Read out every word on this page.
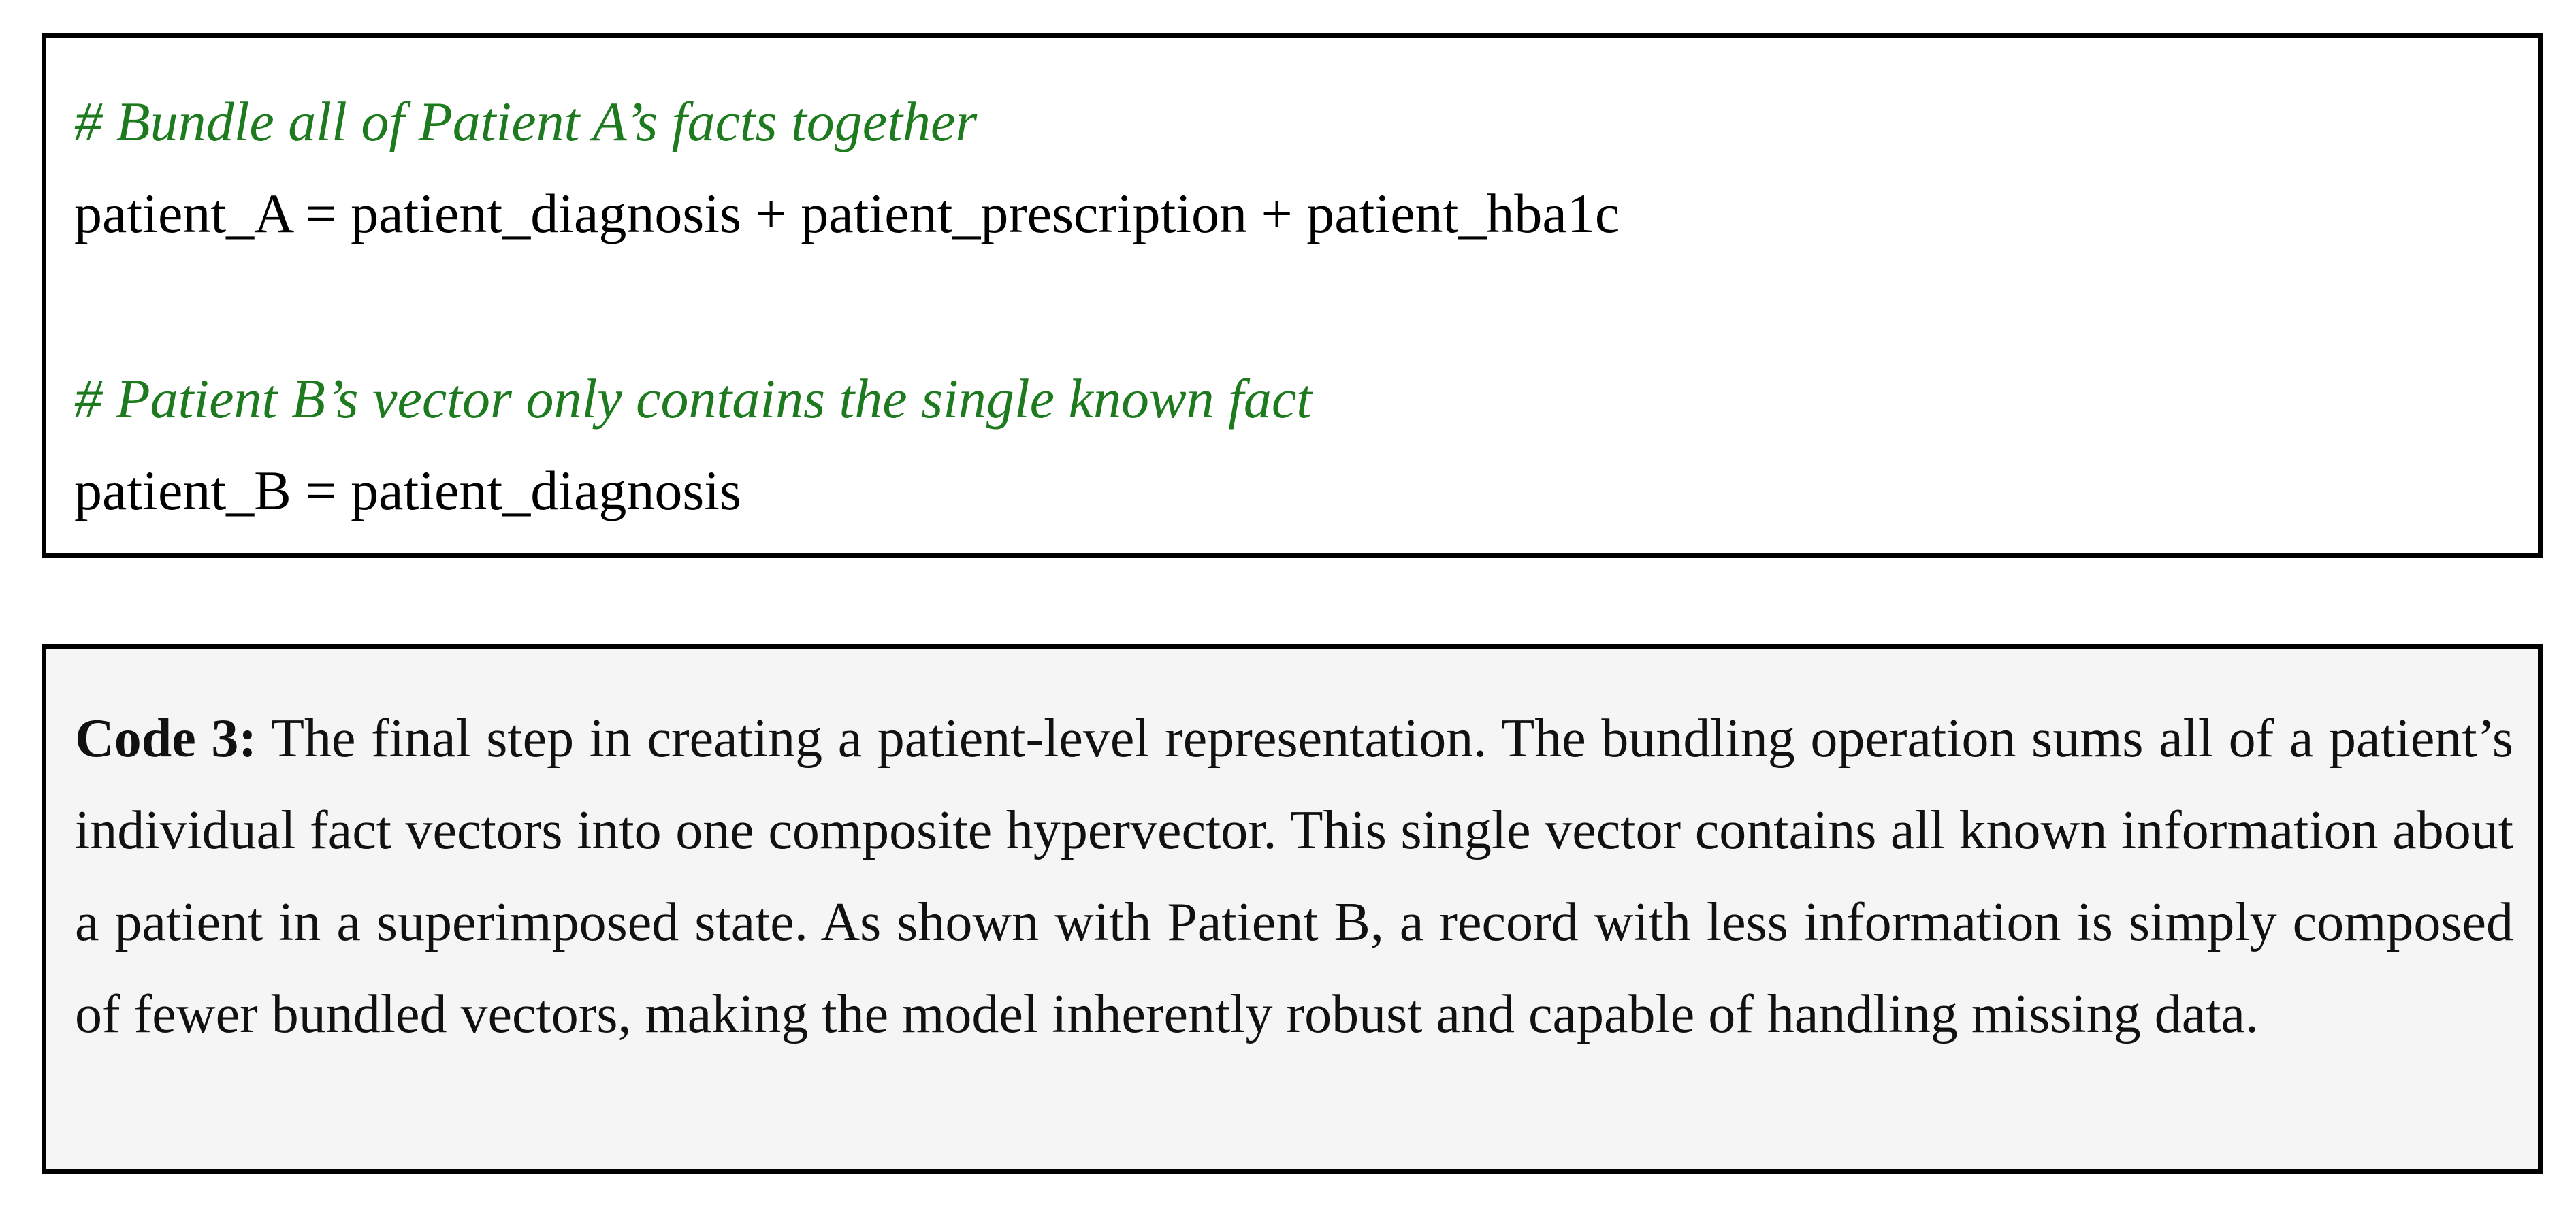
# Bundle all of Patient A’s facts together
patient_A = patient_diagnosis + patient_prescription + patient_hba1c
# Patient B’s vector only contains the single known fact
patient_B = patient_diagnosis
Code 3: The final step in creating a patient-level representation. The bundling operation sums all of a patient’s individual fact vectors into one composite hypervector. This single vector contains all known information about a patient in a superimposed state. As shown with Patient B, a record with less information is simply composed of fewer bundled vectors, making the model inherently robust and capable of handling missing data.
